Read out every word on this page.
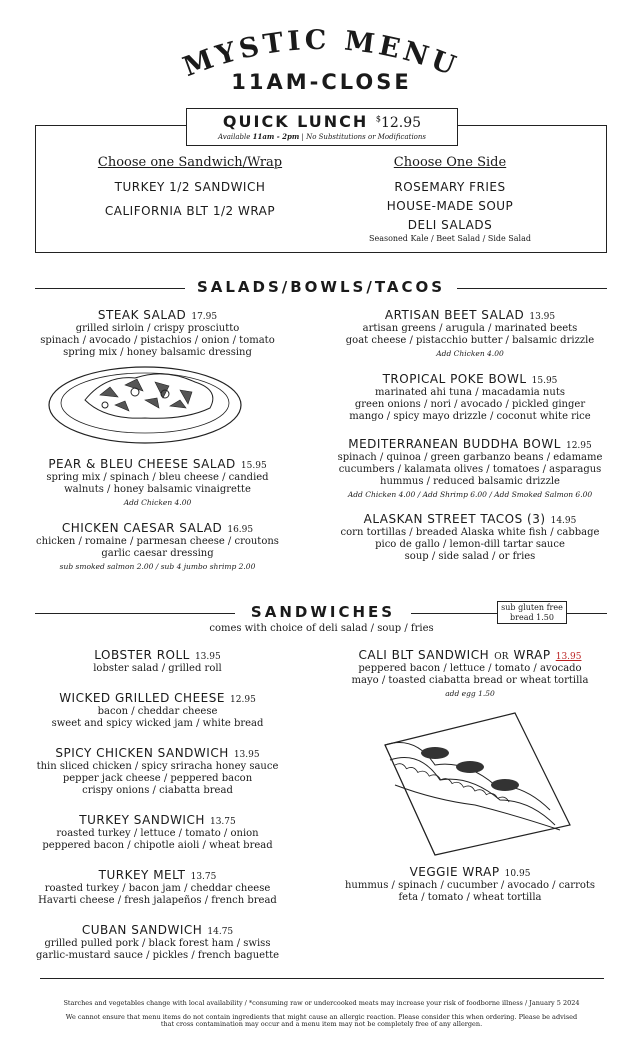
MYSTIC MENU
11AM-CLOSE
QUICK LUNCH $12.95
Available 11am - 2pm | No Substitutions or Modifications
Choose one Sandwich/Wrap
TURKEY 1/2 SANDWICH
CALIFORNIA BLT 1/2 WRAP
Choose One Side
ROSEMARY FRIES
HOUSE-MADE SOUP
DELI SALADS
Seasoned Kale / Beet Salad / Side Salad
SALADS/BOWLS/TACOS
STEAK SALAD 17.95
grilled sirloin / crispy prosciutto
spinach / avocado / pistachios / onion / tomato
spring mix / honey balsamic dressing
PEAR & BLEU CHEESE SALAD 15.95
spring mix / spinach / bleu cheese / candied
walnuts / honey balsamic vinaigrette
Add Chicken 4.00
CHICKEN CAESAR SALAD 16.95
chicken / romaine / parmesan cheese / croutons
garlic caesar dressing
sub smoked salmon 2.00 / sub 4 jumbo shrimp 2.00
ARTISAN BEET SALAD 13.95
artisan greens / arugula / marinated beets
goat cheese / pistacchio butter / balsamic drizzle
Add Chicken 4.00
TROPICAL POKE BOWL 15.95
marinated ahi tuna / macadamia nuts
green onions / nori / avocado / pickled ginger
mango / spicy mayo drizzle / coconut white rice
MEDITERRANEAN BUDDHA BOWL 12.95
spinach / quinoa / green garbanzo beans / edamame
cucumbers / kalamata olives / tomatoes / asparagus
hummus / reduced balsamic drizzle
Add Chicken 4.00 / Add Shrimp 6.00 / Add Smoked Salmon 6.00
ALASKAN STREET TACOS (3) 14.95
corn tortillas / breaded Alaska white fish / cabbage
pico de gallo / lemon-dill tartar sauce
soup / side salad / or fries
SANDWICHES	sub gluten free
bread 1.50
comes with choice of deli salad / soup / fries
LOBSTER ROLL 13.95
lobster salad / grilled roll
WICKED GRILLED CHEESE 12.95
bacon / cheddar cheese
sweet and spicy wicked jam / white bread
SPICY CHICKEN SANDWICH 13.95
thin sliced chicken / spicy sriracha honey sauce
pepper jack cheese / peppered bacon
crispy onions / ciabatta bread
TURKEY SANDWICH 13.75
roasted turkey / lettuce / tomato / onion
peppered bacon / chipotle aioli / wheat bread
TURKEY MELT 13.75
roasted turkey / bacon jam / cheddar cheese
Havarti cheese / fresh jalapeños / french bread
CUBAN SANDWICH 14.75
grilled pulled pork / black forest ham / swiss
garlic-mustard sauce / pickles / french baguette
CALI BLT SANDWICH OR WRAP 13.95
peppered bacon / lettuce / tomato / avocado
mayo / toasted ciabatta bread or wheat tortilla
add egg 1.50
VEGGIE WRAP 10.95
hummus / spinach / cucumber / avocado / carrots
feta / tomato / wheat tortilla
Starches and vegetables change with local availability / *consuming raw or undercooked meats may increase your risk of foodborne illness / January 5 2024
We cannot ensure that menu items do not contain ingredients that might cause an allergic reaction. Please consider this when ordering. Please be advised
that cross contamination may occur and a menu item may not be completely free of any allergen.
